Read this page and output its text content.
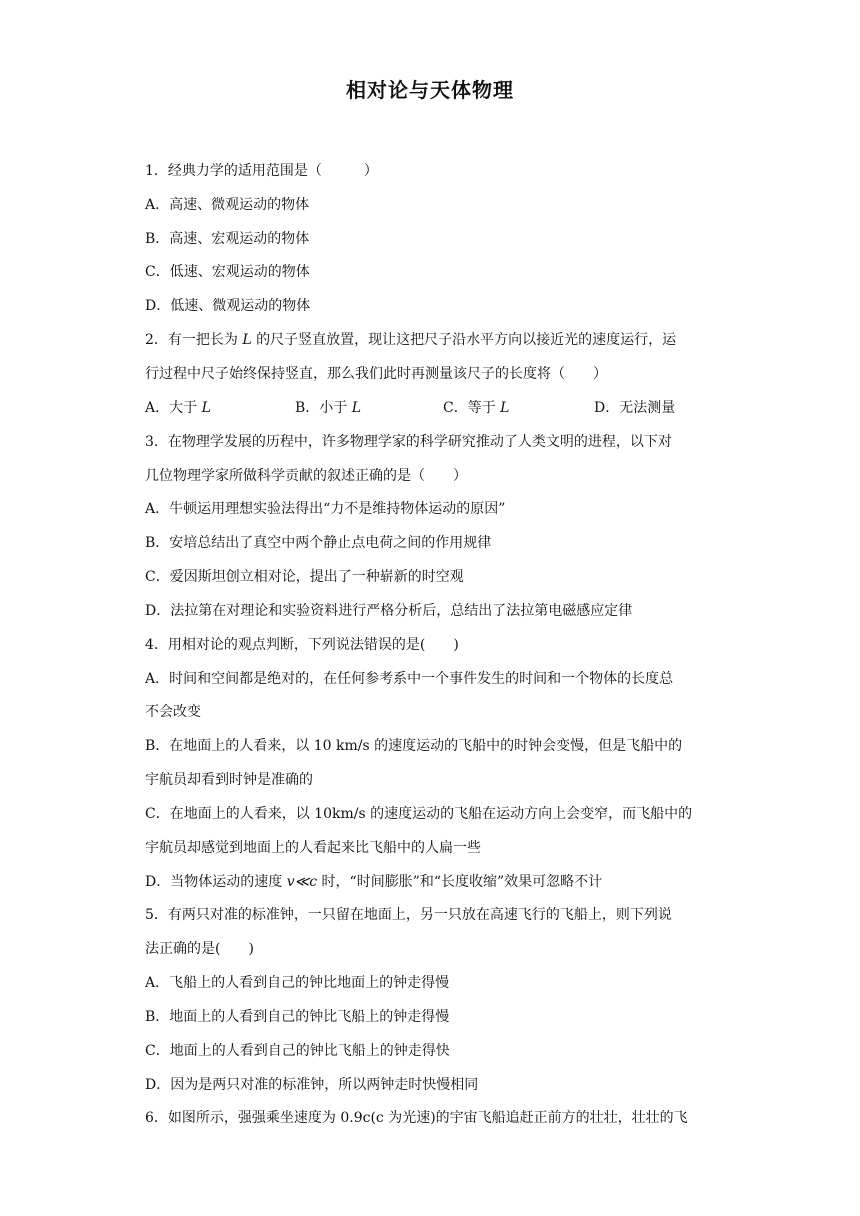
相对论与天体物理
1．经典力学的适用范围是（　　　）
A．高速、微观运动的物体
B．高速、宏观运动的物体
C．低速、宏观运动的物体
D．低速、微观运动的物体
2．有一把长为 L 的尺子竖直放置，现让这把尺子沿水平方向以接近光的速度运行，运
行过程中尺子始终保持竖直，那么我们此时再测量该尺子的长度将（　　）
A．大于 L	B．小于 L	C．等于 L	D．无法测量
3．在物理学发展的历程中，许多物理学家的科学研究推动了人类文明的进程，以下对
几位物理学家所做科学贡献的叙述正确的是（　　）
A．牛顿运用理想实验法得出“力不是维持物体运动的原因”
B．安培总结出了真空中两个静止点电荷之间的作用规律
C．爱因斯坦创立相对论，提出了一种崭新的时空观
D．法拉第在对理论和实验资料进行严格分析后，总结出了法拉第电磁感应定律
4．用相对论的观点判断，下列说法错误的是(　　)
A．时间和空间都是绝对的，在任何参考系中一个事件发生的时间和一个物体的长度总
不会改变
B．在地面上的人看来，以 10 km/s 的速度运动的飞船中的时钟会变慢，但是飞船中的
宇航员却看到时钟是准确的
C．在地面上的人看来，以 10km/s 的速度运动的飞船在运动方向上会变窄，而飞船中的
宇航员却感觉到地面上的人看起来比飞船中的人扁一些
D．当物体运动的速度 v≪c 时，“时间膨胀”和“长度收缩”效果可忽略不计
5．有两只对准的标准钟，一只留在地面上，另一只放在高速飞行的飞船上，则下列说
法正确的是(　　)
A．飞船上的人看到自己的钟比地面上的钟走得慢
B．地面上的人看到自己的钟比飞船上的钟走得慢
C．地面上的人看到自己的钟比飞船上的钟走得快
D．因为是两只对准的标准钟，所以两钟走时快慢相同
6．如图所示，强强乘坐速度为 0.9c(c 为光速)的宇宙飞船追赶正前方的壮壮，壮壮的飞
